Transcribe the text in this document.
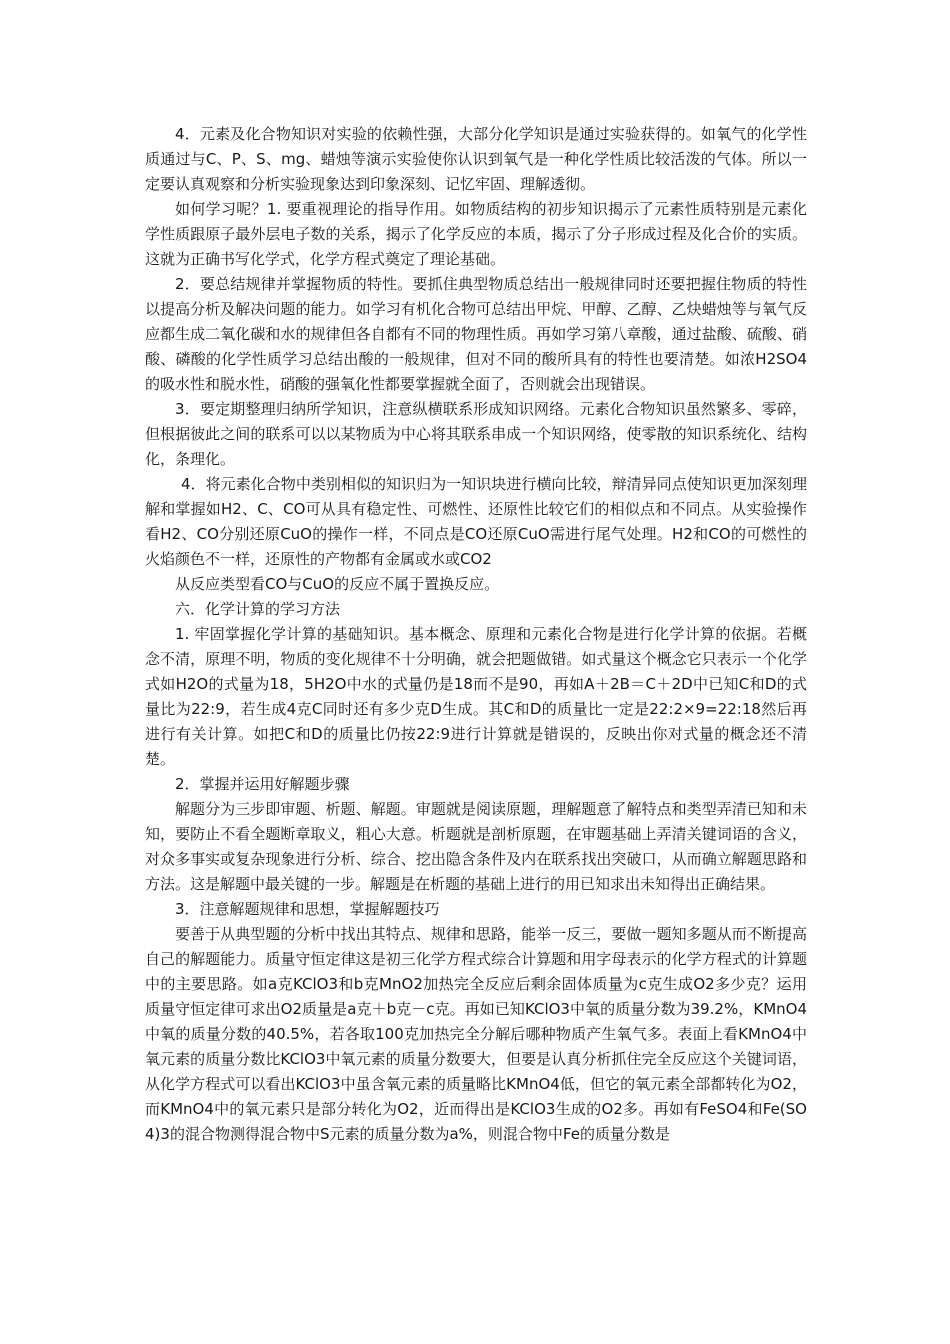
4．元素及化合物知识对实验的依赖性强，大部分化学知识是通过实验获得的。如氧气的化学性质通过与C、P、S、mg、蜡烛等演示实验使你认识到氧气是一种化学性质比较活泼的气体。所以一定要认真观察和分析实验现象达到印象深刻、记忆牢固、理解透彻。

如何学习呢？1. 要重视理论的指导作用。如物质结构的初步知识揭示了元素性质特别是元素化学性质跟原子最外层电子数的关系，揭示了化学反应的本质，揭示了分子形成过程及化合价的实质。这就为正确书写化学式，化学方程式奠定了理论基础。

2．要总结规律并掌握物质的特性。要抓住典型物质总结出一般规律同时还要把握住物质的特性以提高分析及解决问题的能力。如学习有机化合物可总结出甲烷、甲醇、乙醇、乙炔蜡烛等与氧气反应都生成二氧化碳和水的规律但各自都有不同的物理性质。再如学习第八章酸，通过盐酸、硫酸、硝酸、磷酸的化学性质学习总结出酸的一般规律，但对不同的酸所具有的特性也要清楚。如浓H2SO4的吸水性和脱水性，硝酸的强氧化性都要掌握就全面了，否则就会出现错误。

3．要定期整理归纳所学知识，注意纵横联系形成知识网络。元素化合物知识虽然繁多、零碎，但根据彼此之间的联系可以以某物质为中心将其联系串成一个知识网络，使零散的知识系统化、结构化，条理化。

4．将元素化合物中类别相似的知识归为一知识块进行横向比较，辩清异同点使知识更加深刻理解和掌握如H2、C、CO可从具有稳定性、可燃性、还原性比较它们的相似点和不同点。从实验操作看H2、CO分别还原CuO的操作一样，不同点是CO还原CuO需进行尾气处理。H2和CO的可燃性的火焰颜色不一样，还原性的产物都有金属或水或CO2

从反应类型看CO与CuO的反应不属于置换反应。

六．化学计算的学习方法

1. 牢固掌握化学计算的基础知识。基本概念、原理和元素化合物是进行化学计算的依据。若概念不清，原理不明，物质的变化规律不十分明确，就会把题做错。如式量这个概念它只表示一个化学式如H2O的式量为18，5H2O中水的式量仍是18而不是90，再如A＋2B＝C＋2D中已知C和D的式量比为22:9，若生成4克C同时还有多少克D生成。其C和D的质量比一定是22:2×9=22:18然后再进行有关计算。如把C和D的质量比仍按22:9进行计算就是错误的，反映出你对式量的概念还不清楚。

2．掌握并运用好解题步骤

解题分为三步即审题、析题、解题。审题就是阅读原题，理解题意了解特点和类型弄清已知和未知，要防止不看全题断章取义，粗心大意。析题就是剖析原题，在审题基础上弄清关键词语的含义，对众多事实或复杂现象进行分析、综合、挖出隐含条件及内在联系找出突破口，从而确立解题思路和方法。这是解题中最关键的一步。解题是在析题的基础上进行的用已知求出未知得出正确结果。

3．注意解题规律和思想，掌握解题技巧

要善于从典型题的分析中找出其特点、规律和思路，能举一反三，要做一题知多题从而不断提高自己的解题能力。质量守恒定律这是初三化学方程式综合计算题和用字母表示的化学方程式的计算题中的主要思路。如a克KClO3和b克MnO2加热完全反应后剩余固体质量为c克生成O2多少克？运用质量守恒定律可求出O2质量是a克＋b克－c克。再如已知KClO3中氧的质量分数为39.2%，KMnO4中氧的质量分数的40.5%，若各取100克加热完全分解后哪种物质产生氧气多。表面上看KMnO4中氧元素的质量分数比KClO3中氧元素的质量分数要大，但要是认真分析抓住完全反应这个关键词语，从化学方程式可以看出KClO3中虽含氧元素的质量略比KMnO4低，但它的氧元素全部都转化为O2，而KMnO4中的氧元素只是部分转化为O2，近而得出是KClO3生成的O2多。再如有FeSO4和Fe(SO4)3的混合物测得混合物中S元素的质量分数为a%，则混合物中Fe的质量分数是
